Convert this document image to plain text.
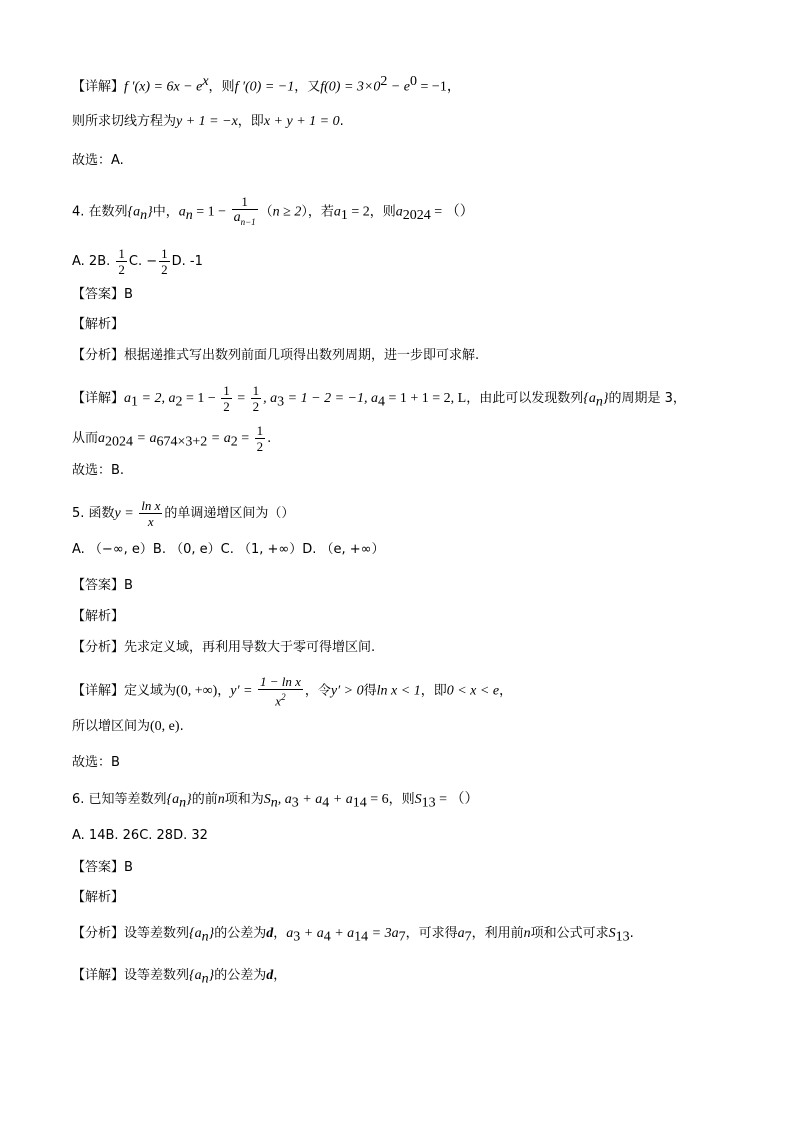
【详解】f $'(x) = 6x - e^x$，则f ′(0) = −1，又$f(0) = 3\times 0^2 - e^0 = -1$，
则所求切线方程为y + 1 = −x，即x + y + 1 = 0.
故选：A.
4. 在数列$\{a_n\}$中，$a_n = 1 - \frac{1}{a_{n-1}} (n \ge 2)$，若$a_1 = 2$，则$a_{2024}$ = （）
A. 2B. $\frac{1}{2} C$. − $\frac{1}{2} D$. -1
【答案】B
【解析】
【分析】根据递推式写出数列前面几项得出数列周期，进一步即可求解.
【详解】$a_1 = 2$, $a_2 = 1 - \frac{1}{2} = \frac{1}{2}$ , $a_3 = 1 - 2 = -1$, $a_4 = 1 + 1 = 2$, L，由此可以发现数列$\{a_n\}$的周期是 3，
从而$a_{2024} = a_{674\times 3+2} = a_2 = \frac{1}{2}$ .
故选：B.
5. 函数$y = \frac{\text{ln x}}{x}$ 的单调递增区间为（）
A. （−∞, e）B. （0, e）C. （1, +∞）D. （e, +∞）
【答案】B
【解析】
【分析】先求定义域，再利用导数大于零可得增区间.
【详解】定义域为(0, +∞)，$y' = \frac{\text{1 − ln x}}{x^2}$ ，令y′ > 0得ln x < 1，即0 < x < e，
所以增区间为(0, e).
故选：B
6. 已知等差数列$\{a_n\}$的前n项和为$S_n$, $a_3 + a_4 + a_{14} = 6$，则$S_{13}$ = （）
A. 14B. 26C. 28D. 32
【答案】B
【解析】
【分析】设等差数列$\{a_n\}$的公差为d，$a_3 + a_4 + a_{14} = 3a_7$，可求得$a_7$，利用前n项和公式可求$S_{13}$.
【详解】设等差数列$\{a_n\}$的公差为d，
